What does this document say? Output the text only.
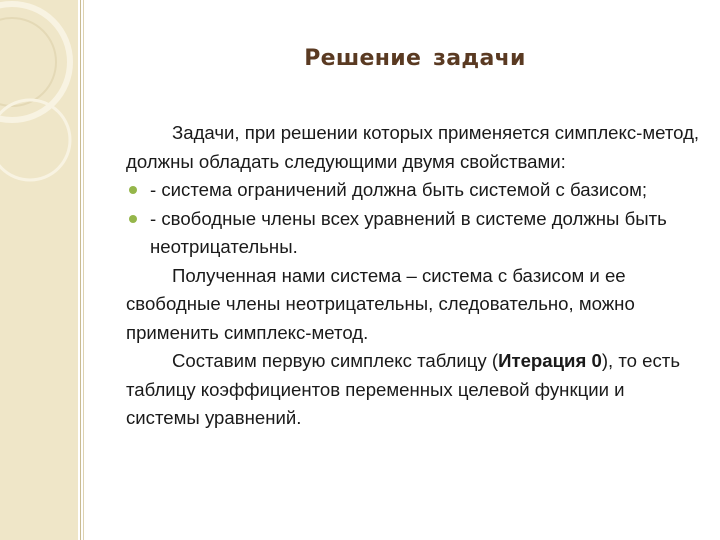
Решение задачи

Задачи, при решении которых применяется симплекс-метод, должны обладать следующими двумя свойствами:

- система ограничений должна быть системой с базисом;

- свободные члены всех уравнений в системе должны быть неотрицательны.

Полученная нами система – система с базисом и ее свободные члены неотрицательны, следовательно, можно применить симплекс-метод.

Составим первую симплекс таблицу (Итерация 0), то есть таблицу коэффициентов переменных целевой функции и системы уравнений.
